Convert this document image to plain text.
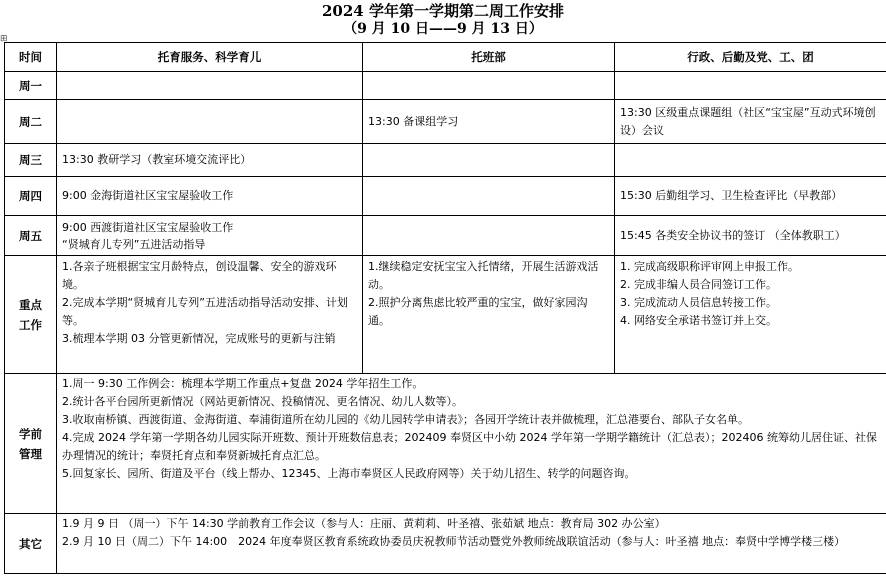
2024 学年第一学期第二周工作安排
（9 月 10 日——9 月 13 日）
⊞
时间	托育服务、科学育儿	托班部	行政、后勤及党、工、团
周一			
周二		13:30 备课组学习	13:30 区级重点课题组（社区“宝宝屋”互动式环境创设）会议
周三	13:30 教研学习（教室环境交流评比）		
周四	9:00 金海街道社区宝宝屋验收工作		15:30 后勤组学习、卫生检查评比（早教部）
周五	9:00 西渡街道社区宝宝屋验收工作
“贤城育儿专列”五进活动指导		15:45 各类安全协议书的签订 （全体教职工）

重点
工作	1.各亲子班根据宝宝月龄特点，创设温馨、安全的游戏环境。
2.完成本学期“贤城育儿专列”五进活动指导活动安排、计划等。
3.梳理本学期 03 分管更新情况，完成账号的更新与注销	1.继续稳定安抚宝宝入托情绪，开展生活游戏活动。
2.照护分离焦虑比较严重的宝宝，做好家园沟通。	1. 完成高级职称评审网上申报工作。
2. 完成非编人员合同签订工作。
3. 完成流动人员信息转接工作。
4. 网络安全承诺书签订并上交。

学前
管理	1.周一 9:30 工作例会：梳理本学期工作重点+复盘 2024 学年招生工作。
2.统计各平台园所更新情况（网站更新情况、投稿情况、更名情况、幼儿人数等）。
3.收取南桥镇、西渡街道、金海街道、奉浦街道所在幼儿园的《幼儿园转学申请表》；各园开学统计表并做梳理，汇总港要台、部队子女名单。
4.完成 2024 学年第一学期各幼儿园实际开班数、预计开班数信息表；202409 奉贤区中小幼 2024 学年第一学期学籍统计（汇总表）；202406 统筹幼儿居住证、社保办理情况的统计；奉贤托育点和奉贤新城托育点汇总。
5.回复家长、园所、街道及平台（线上帮办、12345、上海市奉贤区人民政府网等）关于幼儿招生、转学的问题咨询。		

其它	1.9 月 9 日 （周一）下午 14:30 学前教育工作会议（参与人：庄丽、黄莉莉、叶圣禧、张茹斌 地点：教育局 302 办公室）
2.9 月 10 日（周二）下午 14:00　2024 年度奉贤区教育系统政协委员庆祝教师节活动暨党外教师统战联谊活动（参与人：叶圣禧 地点：奉贤中学博学楼三楼）		
